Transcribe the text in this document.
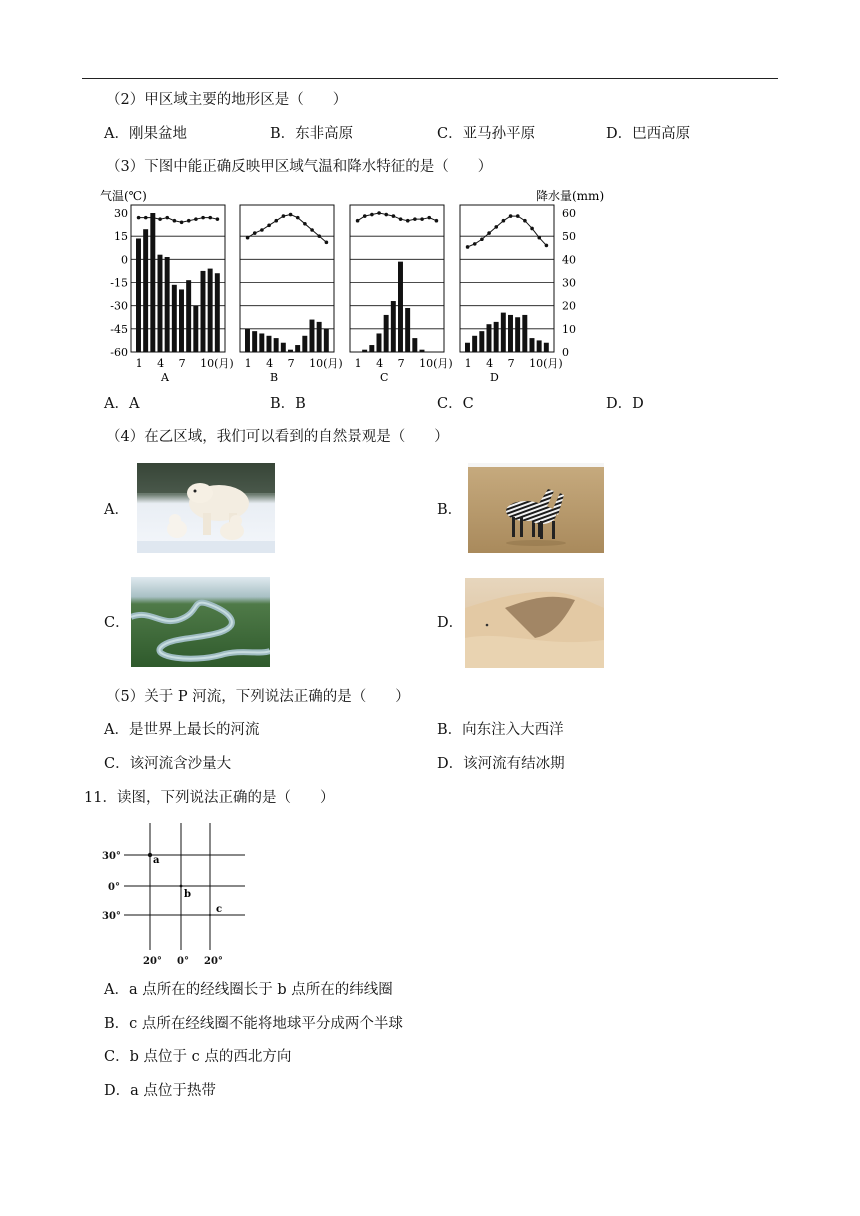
（2）甲区域主要的地形区是（　　）
A．刚果盆地	B．东非高原	C．亚马孙平原	D．巴西高原
（3）下图中能正确反映甲区域气温和降水特征的是（　　）
气温(℃)	降水量(mm)
30
15
0
-15
-30
-45
-60
60
50
40
30
20
10
0
1 4 7 10(月)
A
1 4 7 10(月)
B
1 4 7 10(月)
C
1 4 7 10(月)
D
A．A	B．B	C．C	D．D
（4）在乙区域，我们可以看到的自然景观是（　　）
A．	B．
C．	D．
（5）关于 P 河流，下列说法正确的是（　　）
A．是世界上最长的河流	B．向东注入大西洋
C．该河流含沙量大	D．该河流有结冰期
11．读图，下列说法正确的是（　　）
30°
0°
30°
20° 0° 20°
a
b
c
A．a 点所在的经线圈长于 b 点所在的纬线圈
B．c 点所在经线圈不能将地球平分成两个半球
C．b 点位于 c 点的西北方向
D．a 点位于热带
